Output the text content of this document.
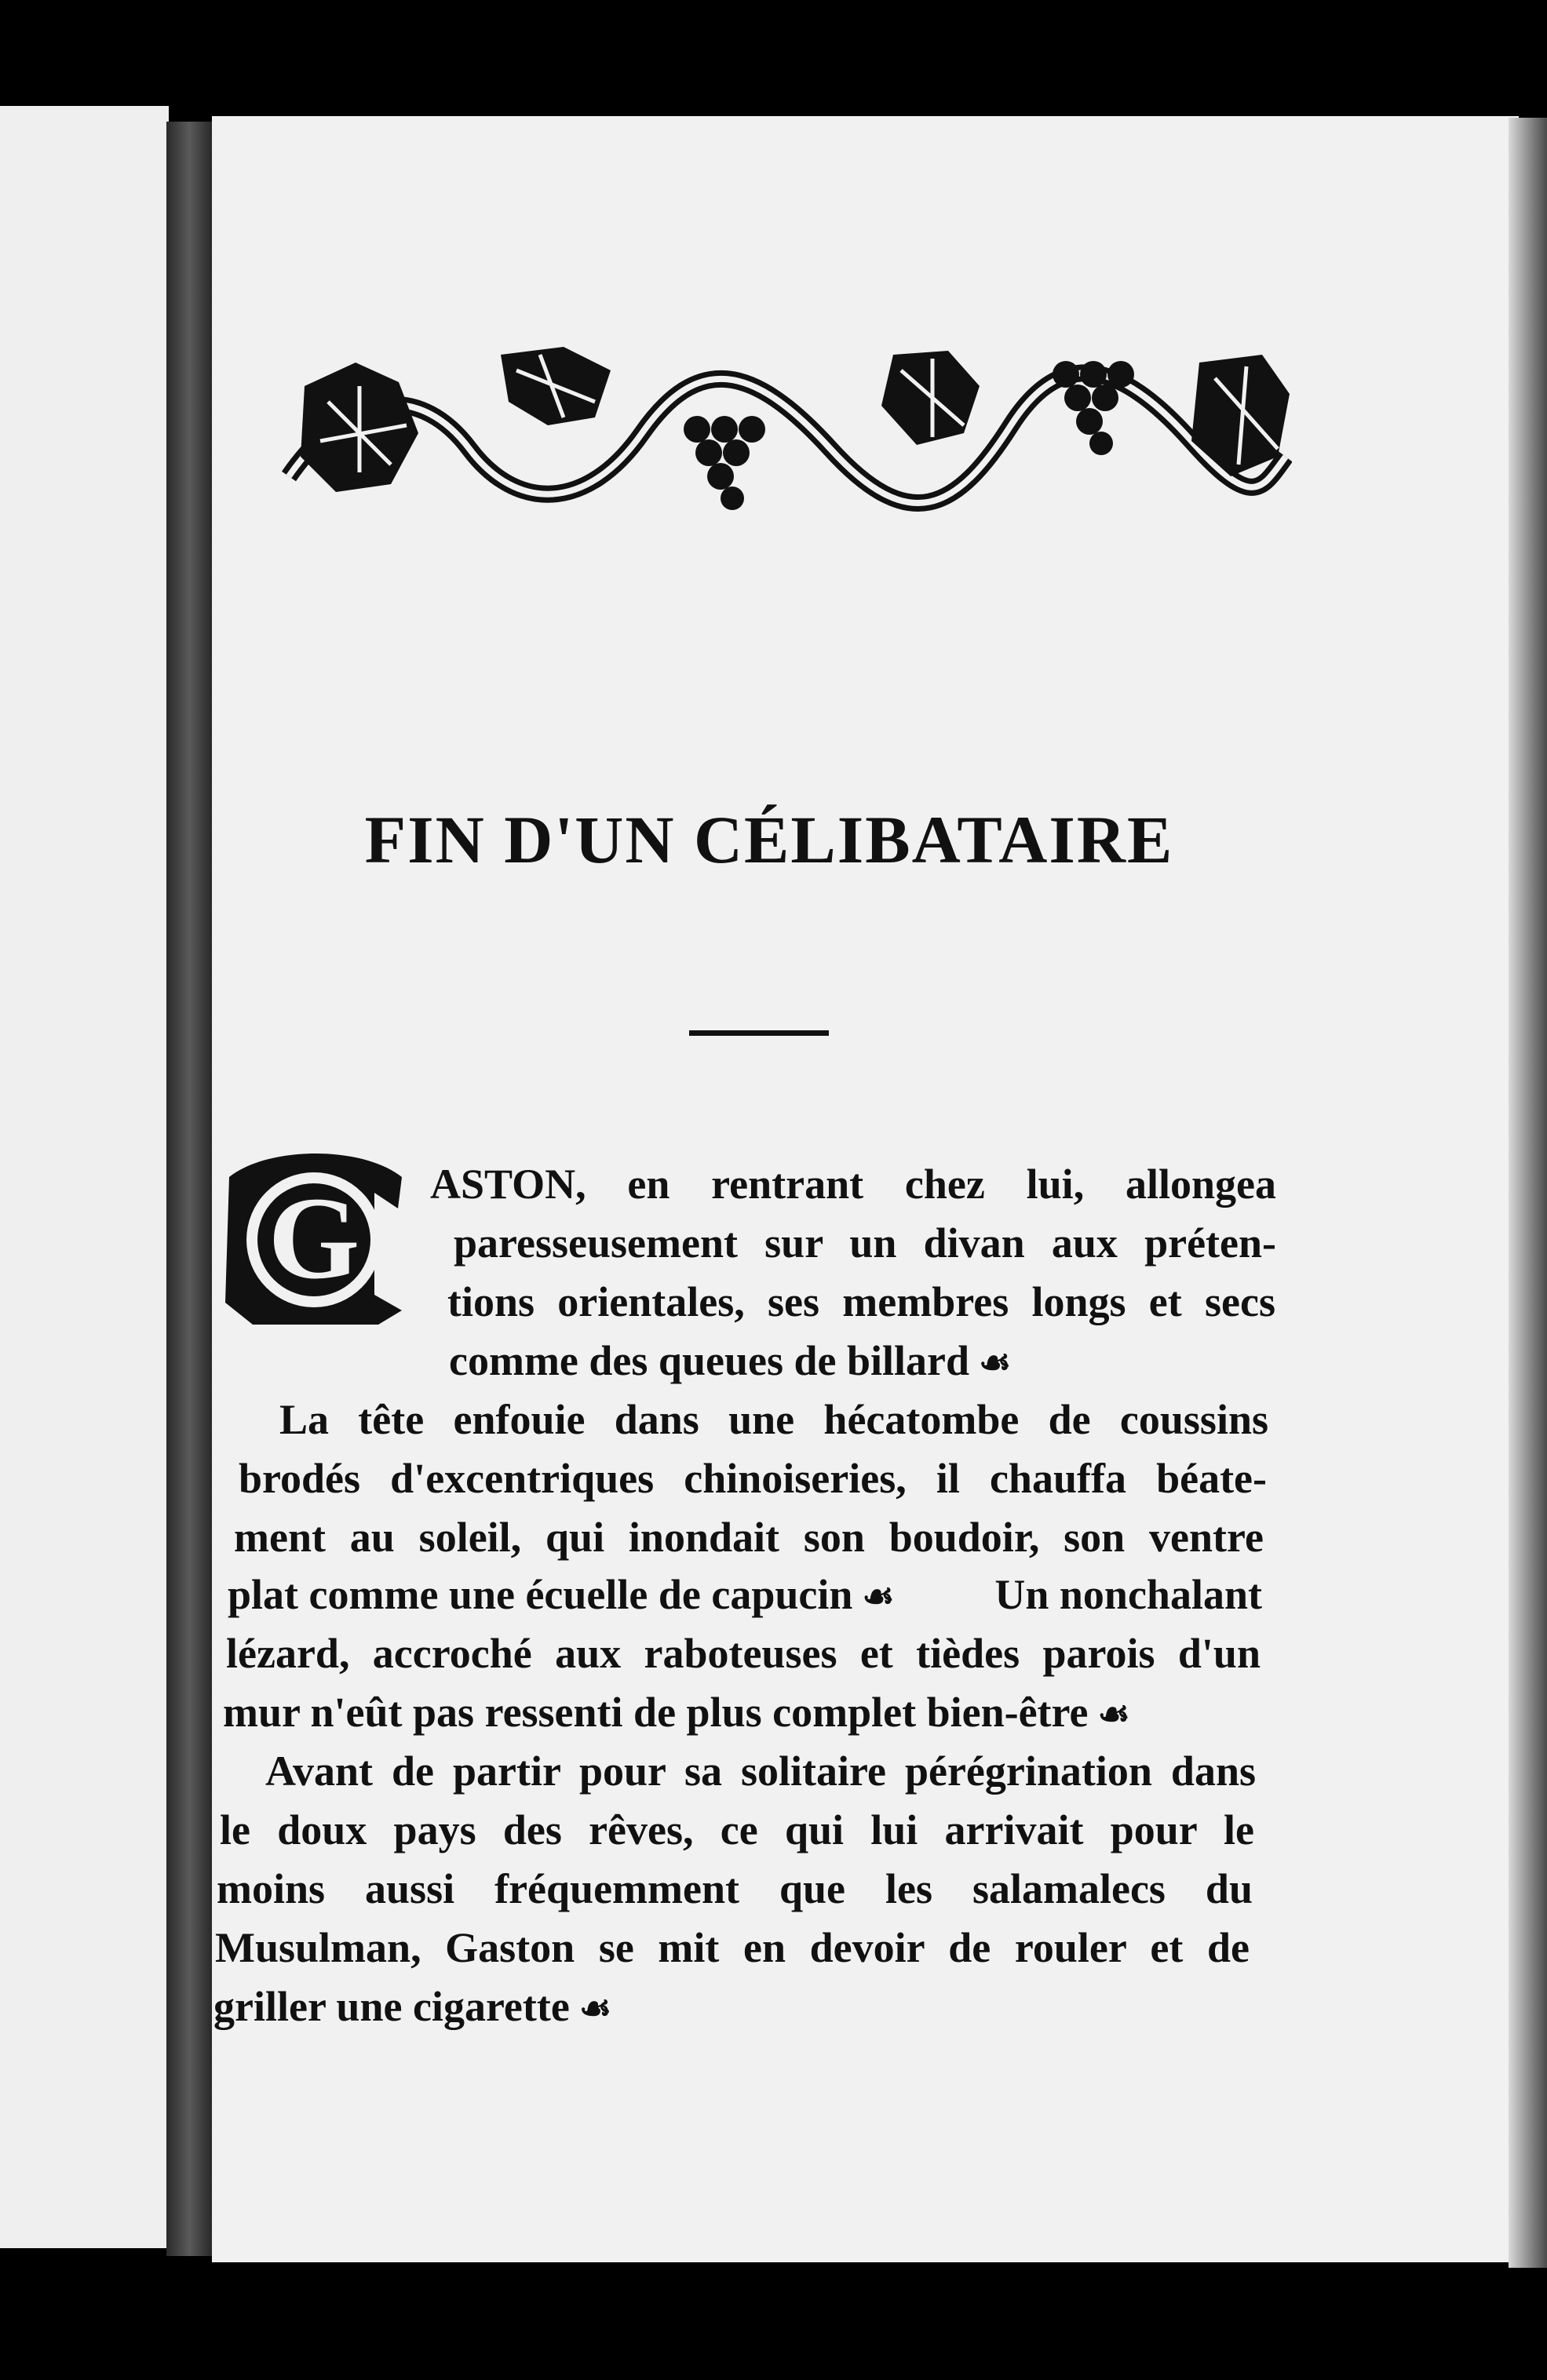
FIN D'UN CÉLIBATAIRE
G ASTON, en rentrant chez lui, allongea
paresseusement sur un divan aux préten-
tions orientales, ses membres longs et secs
comme des queues de billard ☙
La tête enfouie dans une hécatombe de coussins
brodés d'excentriques chinoiseries, il chauffa béate-
ment au soleil, qui inondait son boudoir, son ventre
plat comme une écuelle de capucin ☙ Un nonchalant
lézard, accroché aux raboteuses et tièdes parois d'un
mur n'eût pas ressenti de plus complet bien-être ☙
Avant de partir pour sa solitaire pérégrination dans
le doux pays des rêves, ce qui lui arrivait pour le
moins aussi fréquemment que les salamalecs du
Musulman, Gaston se mit en devoir de rouler et de
griller une cigarette ☙
